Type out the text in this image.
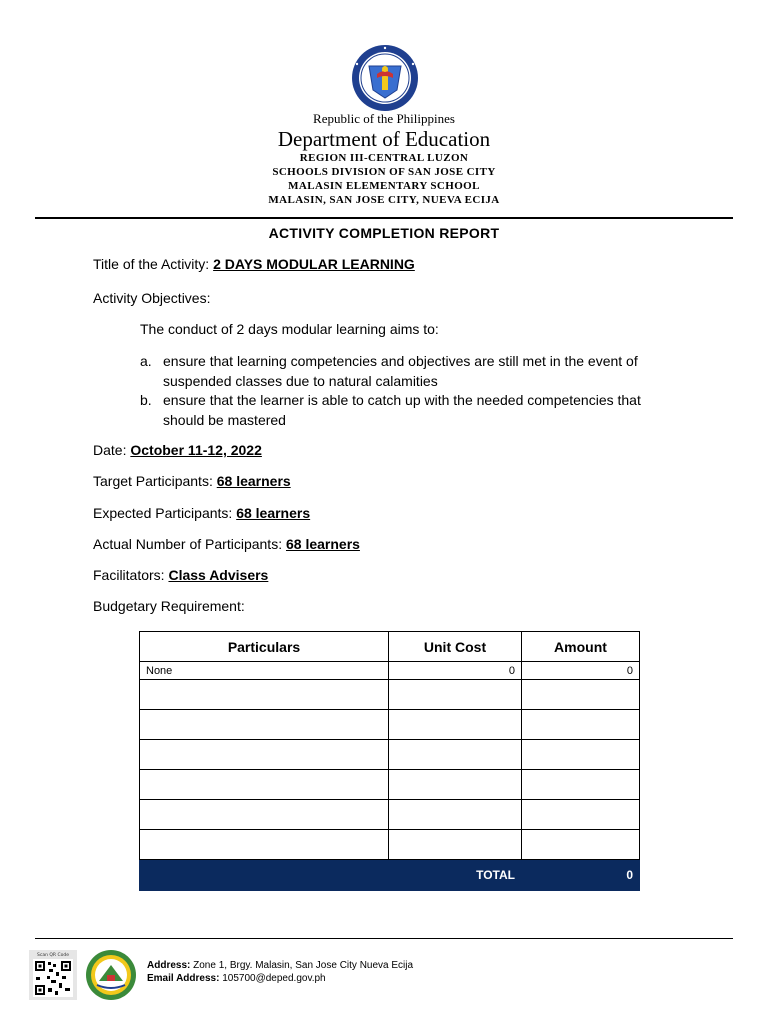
Republic of the Philippines
Department of Education
REGION III-CENTRAL LUZON
SCHOOLS DIVISION OF SAN JOSE CITY
MALASIN ELEMENTARY SCHOOL
MALASIN, SAN JOSE CITY, NUEVA ECIJA
ACTIVITY COMPLETION REPORT
Title of the Activity: 2 DAYS MODULAR LEARNING
Activity Objectives:
The conduct of 2 days modular learning aims to:
a. ensure that learning competencies and objectives are still met in the event of suspended classes due to natural calamities
b. ensure that the learner is able to catch up with the needed competencies that should be mastered
Date: October 11-12, 2022
Target Participants: 68 learners
Expected Participants: 68 learners
Actual Number of Participants: 68 learners
Facilitators: Class Advisers
Budgetary Requirement:
Particulars	Unit Cost	Amount
None	0	0

	TOTAL	0
Scan QR Code
Address: Zone 1, Brgy. Malasin, San Jose City Nueva Ecija
Email Address: 105700@deped.gov.ph
